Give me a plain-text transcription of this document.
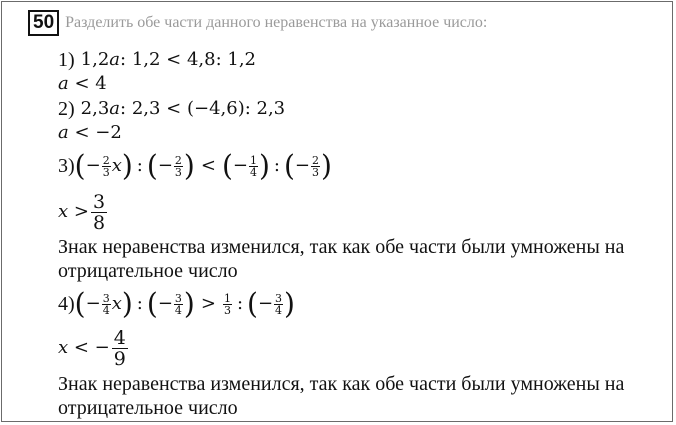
50 Разделить обе части данного неравенства на указанное число:
1) 1,2𝑎: 1,2 < 4,8: 1,2
𝑎 < 4
2) 2,3𝑎: 2,3 < (−4,6): 2,3
𝑎 < −2
3) ( − $\frac{2}{3}$ 𝑥 ) : ( − $\frac{2}{3}$ ) < ( − $\frac{1}{4}$ ) : ( − $\frac{2}{3}$ )
𝑥 > 3
8
Знак неравенства изменился, так как обе части были умножены на
отрицательное число
4) ( − $\frac{3}{4}$ 𝑥 ) : ( − $\frac{3}{4}$ ) > $\frac{1}{3}$ : ( − $\frac{3}{4}$ )
𝑥 < − 4
9
Знак неравенства изменился, так как обе части были умножены на
отрицательное число
